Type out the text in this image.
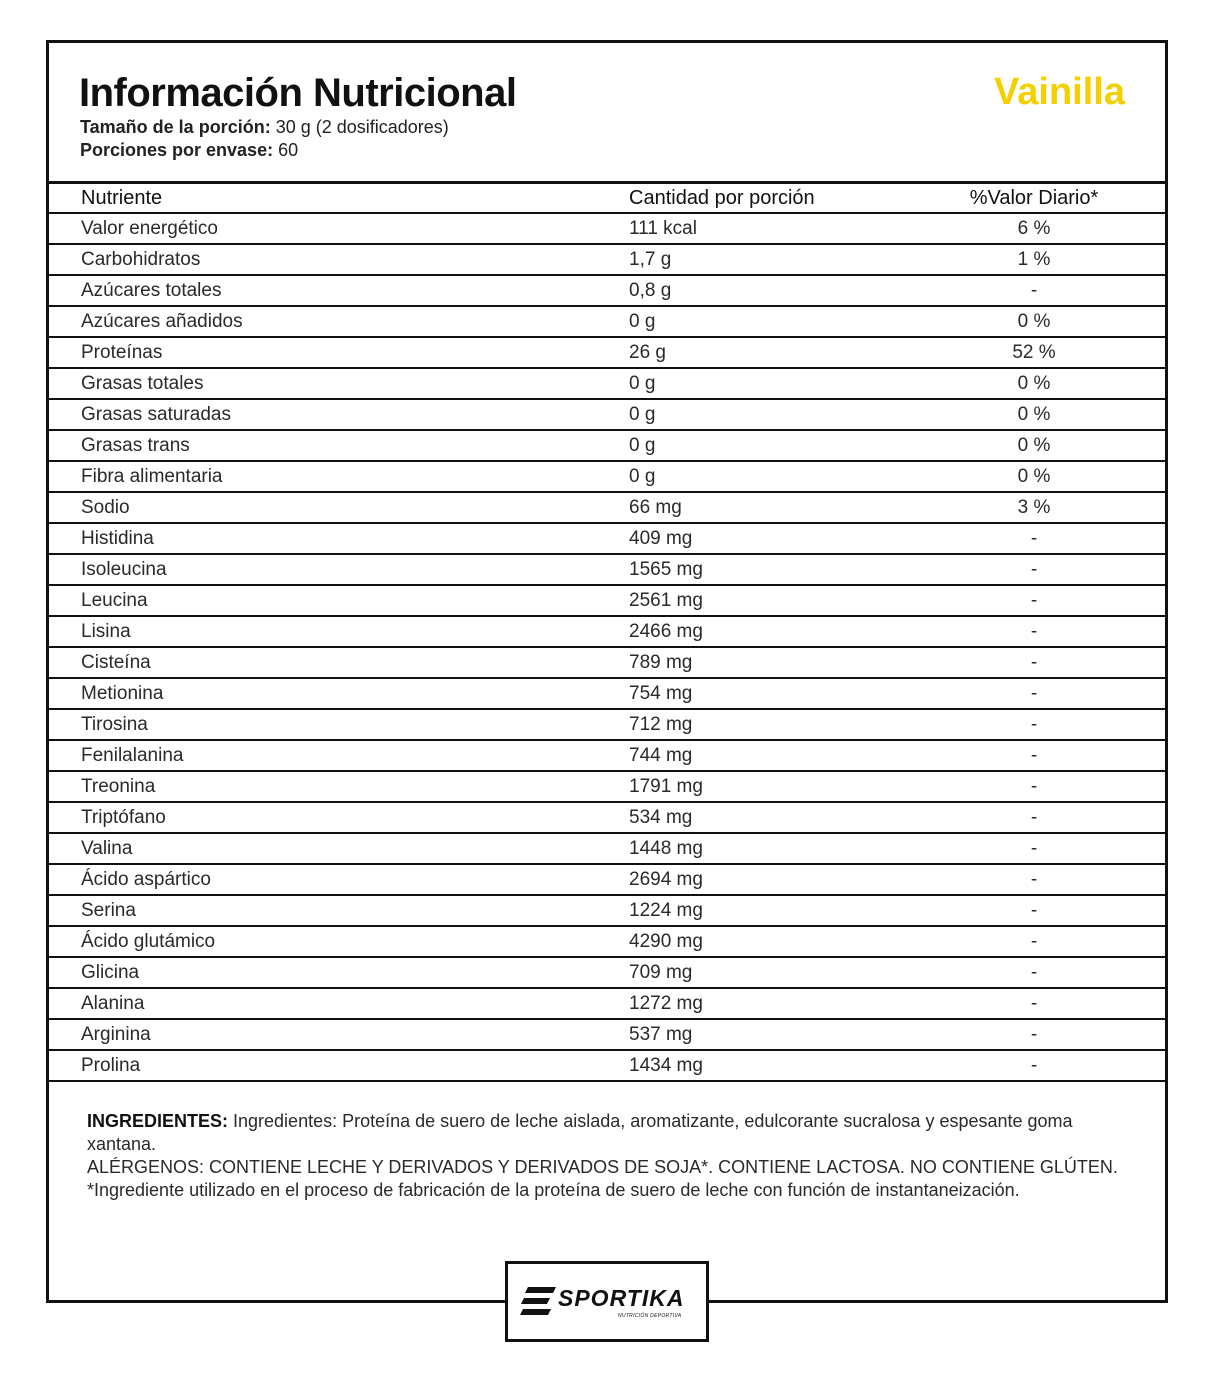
Información Nutricional	Vainilla
Tamaño de la porción: 30 g (2 dosificadores)
Porciones por envase: 60
Nutriente	Cantidad por porción	%Valor Diario*
Valor energético	111 kcal	6 %
Carbohidratos	1,7 g	1 %
Azúcares totales	0,8 g	-
Azúcares añadidos	0 g	0 %
Proteínas	26 g	52 %
Grasas totales	0 g	0 %
Grasas saturadas	0 g	0 %
Grasas trans	0 g	0 %
Fibra alimentaria	0 g	0 %
Sodio	66 mg	3 %
Histidina	409 mg	-
Isoleucina	1565 mg	-
Leucina	2561 mg	-
Lisina	2466 mg	-
Cisteína	789 mg	-
Metionina	754 mg	-
Tirosina	712 mg	-
Fenilalanina	744 mg	-
Treonina	1791 mg	-
Triptófano	534 mg	-
Valina	1448 mg	-
Ácido aspártico	2694 mg	-
Serina	1224 mg	-
Ácido glutámico	4290 mg	-
Glicina	709 mg	-
Alanina	1272 mg	-
Arginina	537 mg	-
Prolina	1434 mg	-
INGREDIENTES: Ingredientes: Proteína de suero de leche aislada, aromatizante, edulcorante sucralosa y espesante goma xantana.
ALÉRGENOS: CONTIENE LECHE Y DERIVADOS Y DERIVADOS DE SOJA*. CONTIENE LACTOSA. NO CONTIENE GLÚTEN.
*Ingrediente utilizado en el proceso de fabricación de la proteína de suero de leche con función de instantaneización.
SPORTIKA
NUTRICIÓN DEPORTIVA
